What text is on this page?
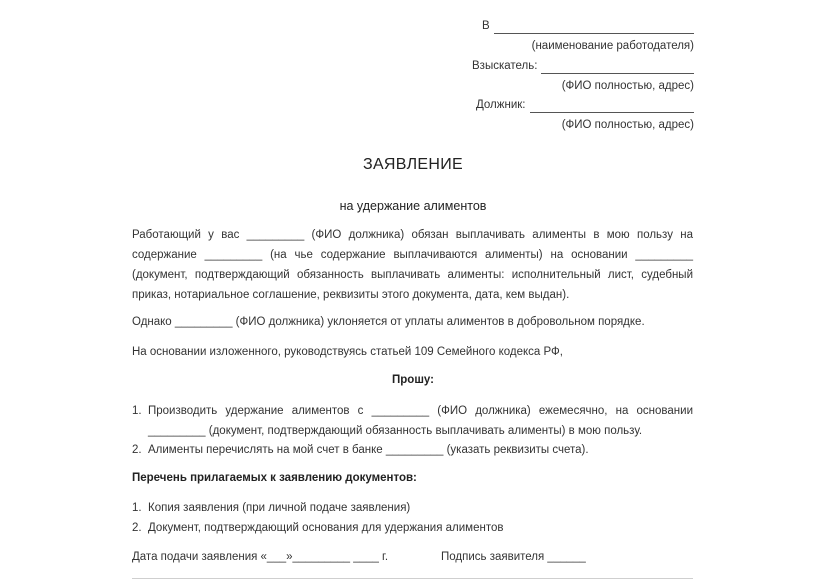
В
(наименование работодателя)
Взыскатель:
(ФИО полностью, адрес)
Должник:
(ФИО полностью, адрес)
ЗАЯВЛЕНИЕ
на удержание алиментов
Работающий у вас _________ (ФИО должника) обязан выплачивать алименты в мою пользу на содержание _________ (на чье содержание выплачиваются алименты) на основании _________ (документ, подтверждающий обязанность выплачивать алименты: исполнительный лист, судебный приказ, нотариальное соглашение, реквизиты этого документа, дата, кем выдан).
Однако _________ (ФИО должника) уклоняется от уплаты алиментов в добровольном порядке.
На основании изложенного, руководствуясь статьей 109 Семейного кодекса РФ,
Прошу:
1. Производить удержание алиментов с _________ (ФИО должника) ежемесячно, на основании _________ (документ, подтверждающий обязанность выплачивать алименты) в мою пользу.
2. Алименты перечислять на мой счет в банке _________ (указать реквизиты счета).
Перечень прилагаемых к заявлению документов:
1. Копия заявления (при личной подаче заявления)
2. Документ, подтверждающий основания для удержания алиментов
Дата подачи заявления «___»_________ ____ г.	Подпись заявителя ______
